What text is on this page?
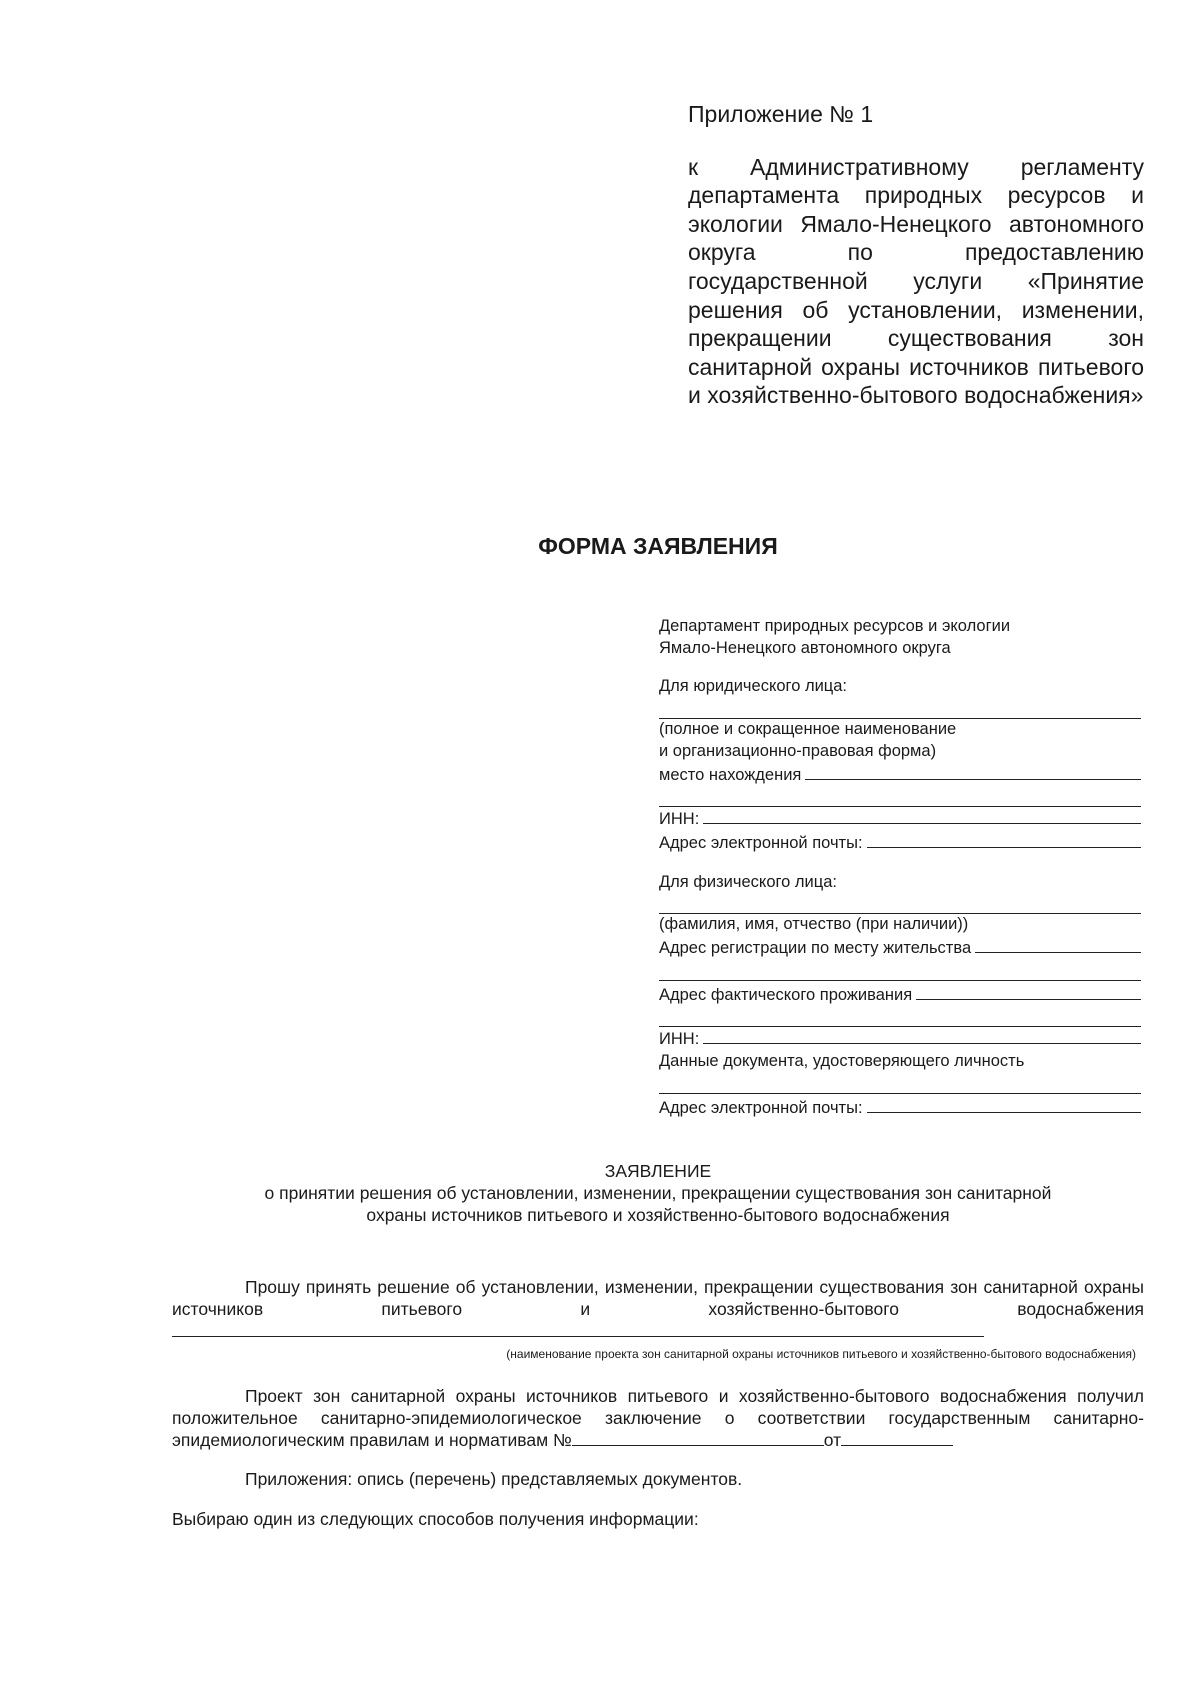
Приложение № 1

к Административному регламенту департамента природных ресурсов и экологии Ямало-Ненецкого автономного округа по предоставлению государственной услуги «Принятие решения об установлении, изменении, прекращении существования зон санитарной охраны источников питьевого и хозяйственно-бытового водоснабжения»

ФОРМА ЗАЯВЛЕНИЯ

Департамент природных ресурсов и экологии

Ямало-Ненецкого автономного округа

Для юридического лица:

(полное и сокращенное наименование

и организационно-правовая форма)

место нахождения
ИНН:
Адрес электронной почты:

Для физического лица:

(фамилия, имя, отчество (при наличии))

Адрес регистрации по месту жительства
Адрес фактического проживания
ИНН:

Данные документа, удостоверяющего личность

Адрес электронной почты:

ЗАЯВЛЕНИЕ

о принятии решения об установлении, изменении, прекращении существования зон санитарной

охраны источников питьевого и хозяйственно-бытового водоснабжения

Прошу принять решение об установлении, изменении, прекращении существования зон санитарной охраны источников питьевого и хозяйственно-бытового водоснабжения

(наименование проекта зон санитарной охраны источников питьевого и хозяйственно-бытового водоснабжения)

Проект зон санитарной охраны источников питьевого и хозяйственно-бытового водоснабжения получил положительное санитарно-эпидемиологическое заключение о соответствии государственным санитарно-эпидемиологическим правилам и нормативам №	от

Приложения: опись (перечень) представляемых документов.

Выбираю один из следующих способов получения информации:
